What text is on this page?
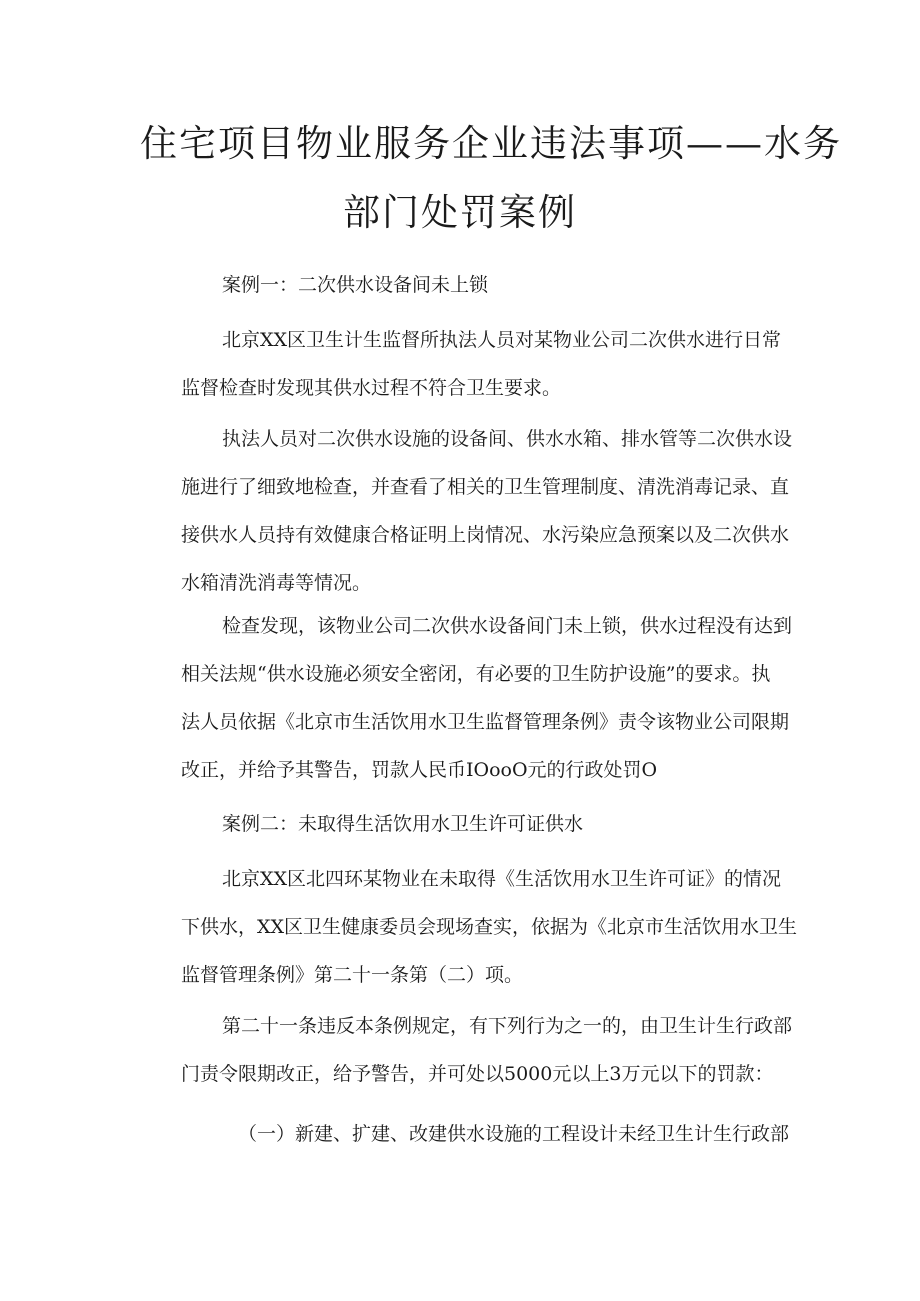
住宅项目物业服务企业违法事项——水务
部门处罚案例

案例一：二次供水设备间未上锁

北京XX区卫生计生监督所执法人员对某物业公司二次供水进行日常
监督检查时发现其供水过程不符合卫生要求。

执法人员对二次供水设施的设备间、供水水箱、排水管等二次供水设
施进行了细致地检查，并查看了相关的卫生管理制度、清洗消毒记录、直
接供水人员持有效健康合格证明上岗情况、水污染应急预案以及二次供水
水箱清洗消毒等情况。

检查发现，该物业公司二次供水设备间门未上锁，供水过程没有达到
相关法规“供水设施必须安全密闭，有必要的卫生防护设施”的要求。执
法人员依据《北京市生活饮用水卫生监督管理条例》责令该物业公司限期
改正，并给予其警告，罚款人民币IOooO元的行政处罚O

案例二：未取得生活饮用水卫生许可证供水

北京XX区北四环某物业在未取得《生活饮用水卫生许可证》的情况
下供水，XX区卫生健康委员会现场查实，依据为《北京市生活饮用水卫生
监督管理条例》第二十一条第（二）项。

第二十一条违反本条例规定，有下列行为之一的，由卫生计生行政部
门责令限期改正，给予警告，并可处以5000元以上3万元以下的罚款：

（一）新建、扩建、改建供水设施的工程设计未经卫生计生行政部
